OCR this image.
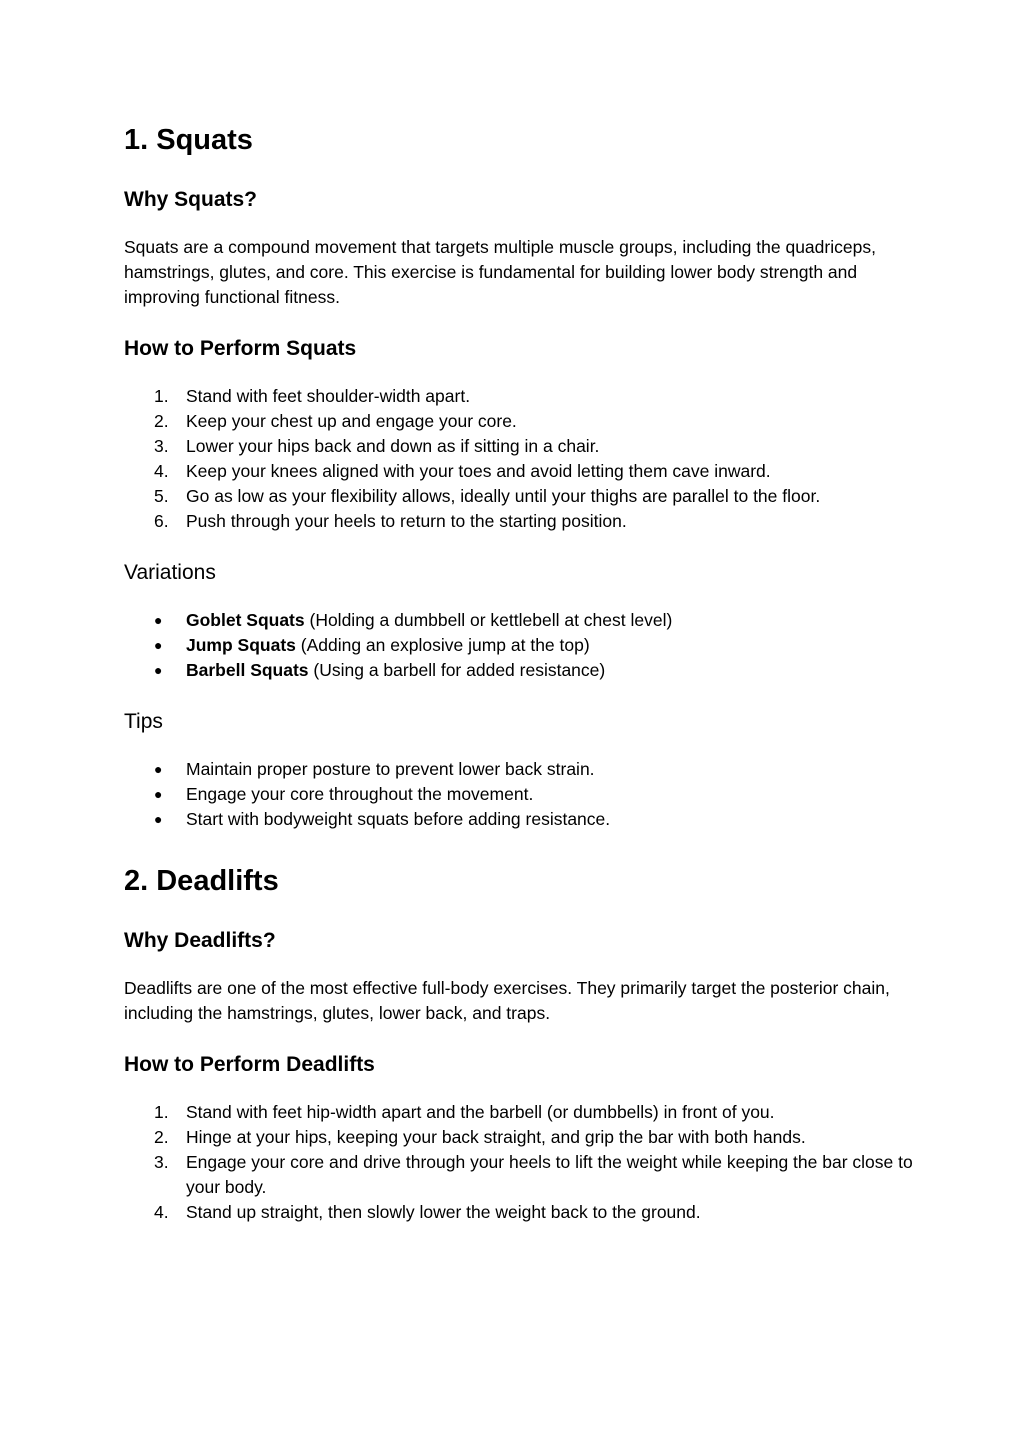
1. Squats
Why Squats?

Squats are a compound movement that targets multiple muscle groups, including the quadriceps, hamstrings, glutes, and core. This exercise is fundamental for building lower body strength and improving functional fitness.

How to Perform Squats
1. Stand with feet shoulder-width apart.
2. Keep your chest up and engage your core.
3. Lower your hips back and down as if sitting in a chair.
4. Keep your knees aligned with your toes and avoid letting them cave inward.
5. Go as low as your flexibility allows, ideally until your thighs are parallel to the floor.
6. Push through your heels to return to the starting position.
Variations
● Goblet Squats (Holding a dumbbell or kettlebell at chest level)
● Jump Squats (Adding an explosive jump at the top)
● Barbell Squats (Using a barbell for added resistance)
Tips
● Maintain proper posture to prevent lower back strain.
● Engage your core throughout the movement.
● Start with bodyweight squats before adding resistance.
2. Deadlifts
Why Deadlifts?

Deadlifts are one of the most effective full-body exercises. They primarily target the posterior chain, including the hamstrings, glutes, lower back, and traps.

How to Perform Deadlifts
1. Stand with feet hip-width apart and the barbell (or dumbbells) in front of you.
2. Hinge at your hips, keeping your back straight, and grip the bar with both hands.
3. Engage your core and drive through your heels to lift the weight while keeping the bar close to your body.
4. Stand up straight, then slowly lower the weight back to the ground.
